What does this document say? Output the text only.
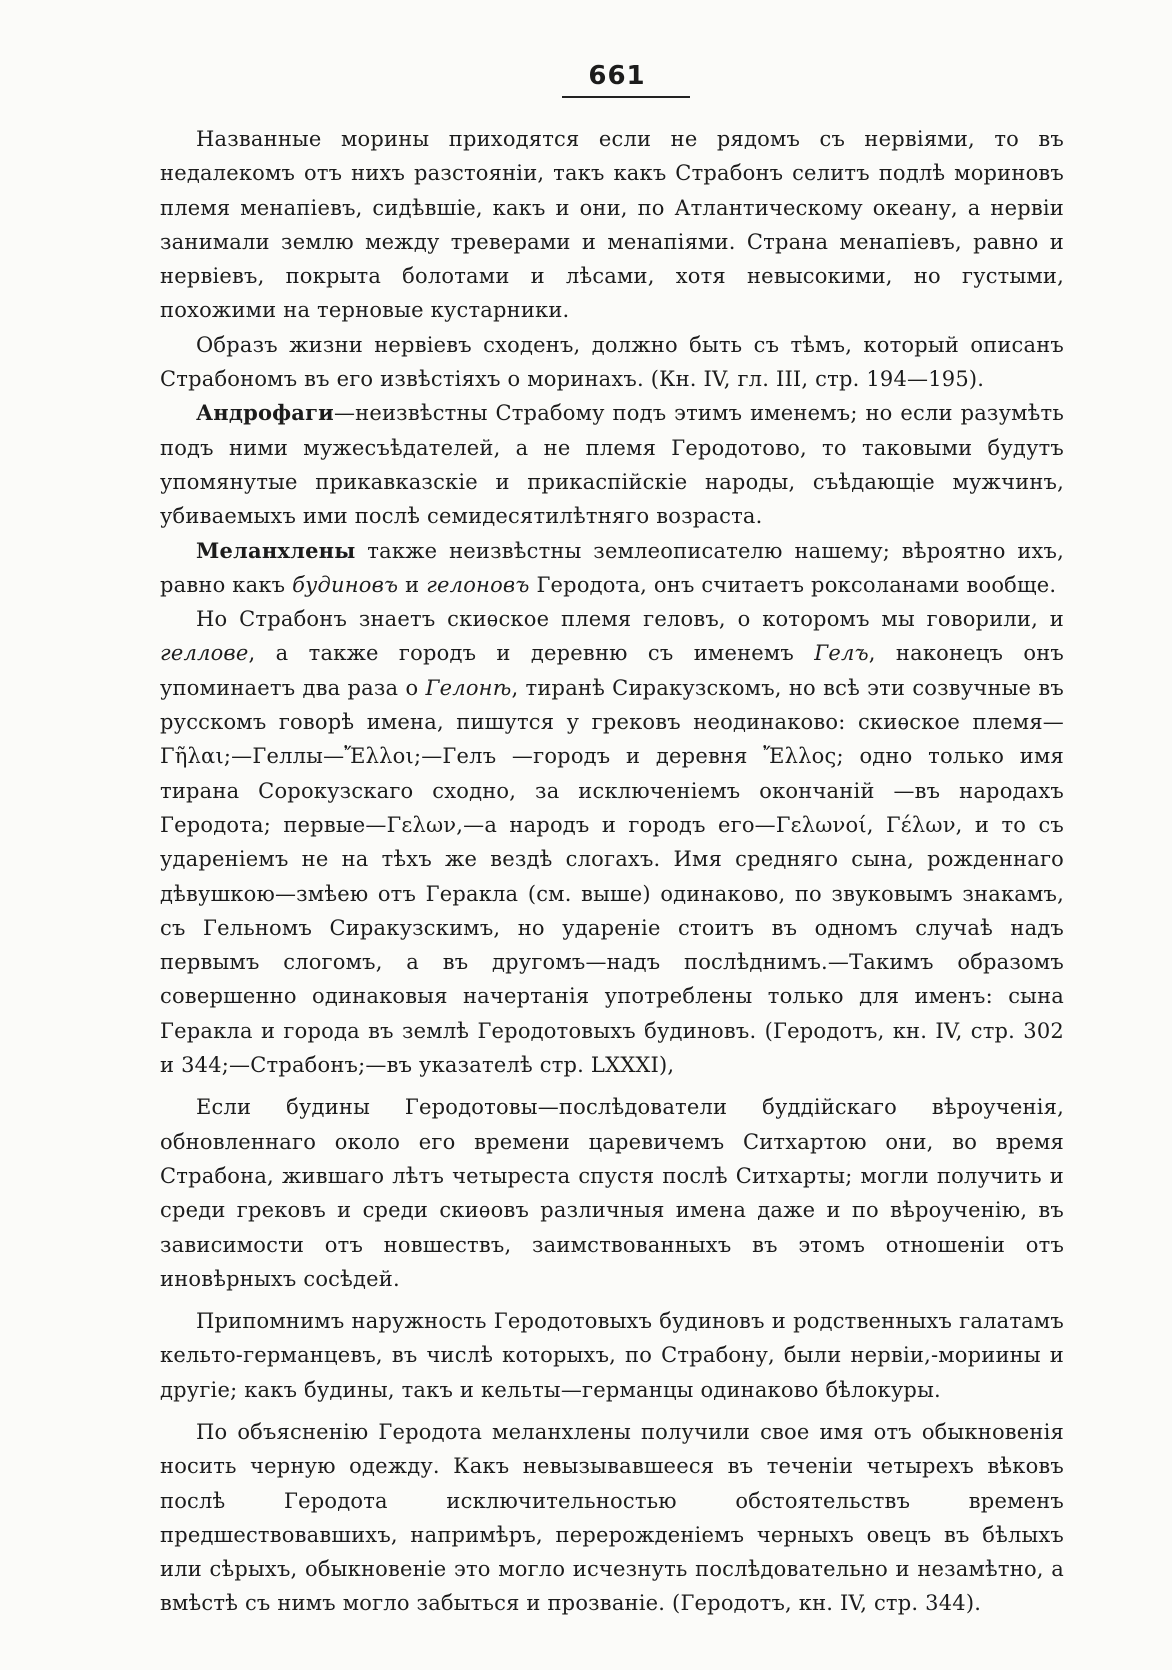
661

Названные морины приходятся если не рядомъ съ нервіями, то въ недалекомъ отъ нихъ разстояніи, такъ какъ Страбонъ селитъ подлѣ мориновъ племя менапіевъ, сидѣвшіе, какъ и они, по Атлантическому океану, а нервіи занимали землю между треверами и менапіями. Страна менапіевъ, равно и нервіевъ, покрыта болотами и лѣсами, хотя невысокими, но густыми, похожими на терновые кустарники.

Образъ жизни нервіевъ сходенъ, должно быть съ тѣмъ, который описанъ Страбономъ въ его извѣстіяхъ о моринахъ. (Кн. IV, гл. III, стр. 194—195).

Андрофаги—неизвѣстны Страбому подъ этимъ именемъ; но если разумѣть подъ ними мужесъѣдателей, а не племя Геродотово, то таковыми будутъ упомянутые прикавказскіе и прикаспійскіе народы, съѣдающіе мужчинъ, убиваемыхъ ими послѣ семидесятилѣтняго возраста.

Меланхлены также неизвѣстны землеописателю нашему; вѣроятно ихъ, равно какъ будиновъ и гелоновъ Геродота, онъ считаетъ роксоланами вообще.

Но Страбонъ знаетъ скиѳское племя геловъ, о которомъ мы говорили, и геллове, а также городъ и деревню съ именемъ Гелъ, наконецъ онъ упоминаетъ два раза о Гелонѣ, тиранѣ Сиракузскомъ, но всѣ эти созвучные въ русскомъ говорѣ имена, пишутся у грековъ неодинаково: скиѳское племя—Γῆλαι;—Геллы—Ἔλλοι;—Гелъ —городъ и деревня Ἔλλος; одно только имя тирана Сорокузскаго сходно, за исключеніемъ окончаній —въ народахъ Геродота; первые—Γελων,—а народъ и городъ его—Γελωνοί, Γέλων, и то съ удареніемъ не на тѣхъ же вездѣ слогахъ. Имя средняго сына, рожденнаго дѣвушкою—змѣею отъ Геракла (см. выше) одинаково, по звуковымъ знакамъ, съ Гельномъ Сиракузскимъ, но удареніе стоитъ въ одномъ случаѣ надъ первымъ слогомъ, а въ другомъ—надъ послѣднимъ.—Такимъ образомъ совершенно одинаковыя начертанія употреблены только для именъ: сына Геракла и города въ землѣ Геродотовыхъ будиновъ. (Геродотъ, кн. IV, стр. 302 и 344;—Страбонъ;—въ указателѣ стр. LXXXI),

Если будины Геродотовы—послѣдователи буддійскаго вѣроученія, обновленнаго около его времени царевичемъ Ситхартою они, во время Страбона, жившаго лѣтъ четыреста спустя послѣ Ситхарты; могли получить и среди грековъ и среди скиѳовъ различныя имена даже и по вѣроученію, въ зависимости отъ новшествъ, заимствованныхъ въ этомъ отношеніи отъ иновѣрныхъ сосѣдей.

Припомнимъ наружность Геродотовыхъ будиновъ и родственныхъ галатамъ кельто-германцевъ, въ числѣ которыхъ, по Страбону, были нервіи,-мориины и другіе; какъ будины, такъ и кельты—германцы одинаково бѣлокуры.

По объясненію Геродота меланхлены получили свое имя отъ обыкновенія носить черную одежду. Какъ невызывавшееся въ теченіи четырехъ вѣковъ послѣ Геродота исключительностью обстоятельствъ временъ предшествовавшихъ, напримѣръ, перерожденіемъ черныхъ овецъ въ бѣлыхъ или сѣрыхъ, обыкновеніе это могло исчезнуть послѣдовательно и незамѣтно, а вмѣстѣ съ нимъ могло забыться и прозваніе. (Геродотъ, кн. IV, стр. 344).
